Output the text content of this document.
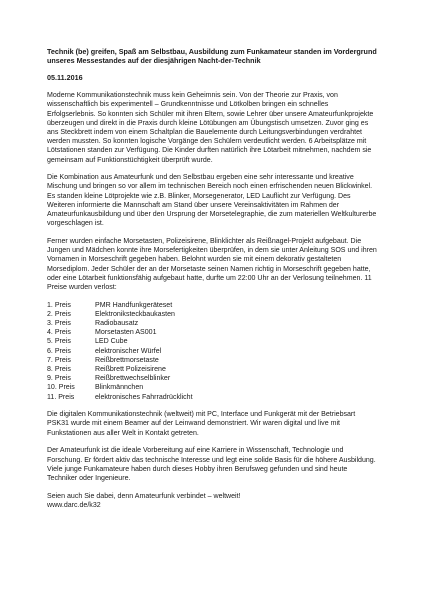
Technik (be) greifen, Spaß am Selbstbau, Ausbildung zum Funkamateur standen im Vordergrund unseres Messestandes auf der diesjährigen Nacht-der-Technik
05.11.2016

Moderne Kommunikationstechnik muss kein Geheimnis sein. Von der Theorie zur Praxis, von wissenschaftlich bis experimentell – Grundkenntnisse und Lötkolben bringen ein schnelles Erfolgserlebnis. So konnten sich Schüler mit ihren Eltern, sowie Lehrer über unsere Amateurfunkprojekte überzeugen und direkt in die Praxis durch kleine Lötübungen am Übungstisch umsetzen. Zuvor ging es ans Steckbrett indem von einem Schaltplan die Bauelemente durch Leitungsverbindungen verdrahtet werden mussten. So konnten logische Vorgänge den Schülern verdeutlicht werden. 6 Arbeitsplätze mit Lötstationen standen zur Verfügung. Die Kinder durften natürlich ihre Lötarbeit mitnehmen, nachdem sie gemeinsam auf Funktionstüchtigkeit überprüft wurde.

Die Kombination aus Amateurfunk und den Selbstbau ergeben eine sehr interessante und kreative Mischung und bringen so vor allem im technischen Bereich noch einen erfrischenden neuen Blickwinkel. Es standen kleine Lötprojekte wie z.B. Blinker, Morsegenerator, LED Lauflicht zur Verfügung. Des Weiteren informierte die Mannschaft am Stand über unsere Vereinsaktivitäten im Rahmen der Amateurfunkausbildung und über den Ursprung der Morsetelegraphie, die zum materiellen Weltkulturerbe vorgeschlagen ist.

Ferner wurden einfache Morsetasten, Polizeisirene, Blinklichter als Reißnagel-Projekt aufgebaut. Die Jungen und Mädchen konnte ihre Morsefertigkeiten überprüfen, in dem sie unter Anleitung SOS und ihren Vornamen in Morseschrift gegeben haben. Belohnt wurden sie mit einem dekorativ gestalteten Morsediplom. Jeder Schüler der an der Morsetaste seinen Namen richtig in Morseschrift gegeben hatte, oder eine Lötarbeit funktionsfähig aufgebaut hatte, durfte um 22:00 Uhr an der Verlosung teilnehmen. 11 Preise wurden verlost:

1. Preis	PMR Handfunkgeräteset
2. Preis	Elektroniksteckbaukasten
3. Preis	Radiobausatz
4. Preis	Morsetasten AS001
5. Preis	LED Cube
6. Preis	elektronischer Würfel
7. Preis	Reißbrettmorsetaste
8. Preis	Reißbrett Polizeisirene
9. Preis	Reißbrettwechselblinker
10. Preis	Blinkmännchen
11. Preis	elektronisches Fahrradrücklicht

Die digitalen Kommunikationstechnik (weltweit) mit PC, Interface und Funkgerät mit der Betriebsart PSK31 wurde mit einem Beamer auf der Leinwand demonstriert. Wir waren digital und live mit Funkstationen aus aller Welt in Kontakt getreten.

Der Amateurfunk ist die ideale Vorbereitung auf eine Karriere in Wissenschaft, Technologie und Forschung. Er fördert aktiv das technische Interesse und legt eine solide Basis für die höhere Ausbildung. Viele junge Funkamateure haben durch dieses Hobby ihren Berufsweg gefunden und sind heute Techniker oder Ingenieure.

Seien auch Sie dabei, denn Amateurfunk verbindet – weltweit!
www.darc.de/k32
